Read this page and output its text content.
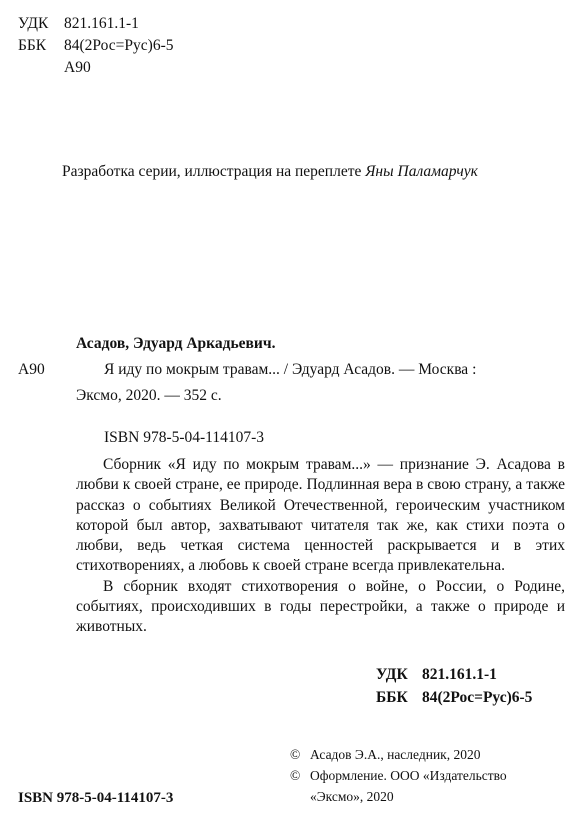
УДК 821.161.1-1
ББК 84(2Рос=Рус)6-5
А90
Разработка серии, иллюстрация на переплете Яны Паламарчук
Асадов, Эдуард Аркадьевич.
А90	Я иду по мокрым травам... / Эдуард Асадов. — Москва :
Эксмо, 2020. — 352 с.
ISBN 978-5-04-114107-3

Сборник «Я иду по мокрым травам...» — признание Э. Асадова в любви к своей стране, ее природе. Подлинная вера в свою страну, а также рассказ о событиях Великой Отечественной, героическим участником которой был автор, захватывают читателя так же, как стихи поэта о любви, ведь четкая система ценностей раскрывается и в этих стихотворениях, а любовь к своей стране всегда привлекательна.

В сборник входят стихотворения о войне, о России, о Родине, событиях, происходивших в годы перестройки, а также о природе и животных.

УДК 821.161.1-1
ББК 84(2Рос=Рус)6-5
© Асадов Э.А., наследник, 2020
© Оформление. ООО «Издательство
«Эксмо», 2020
ISBN 978-5-04-114107-3
